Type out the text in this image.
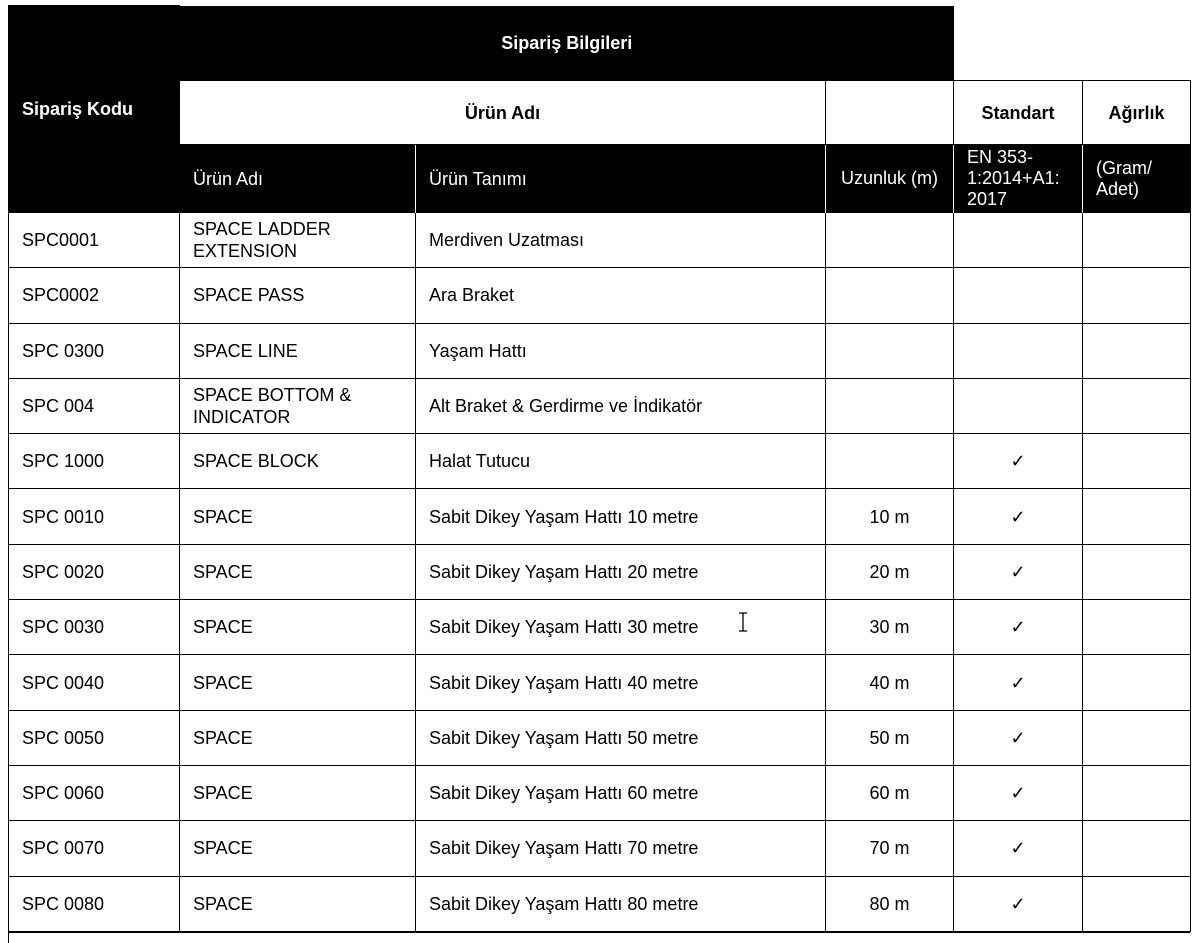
Sipariş Kodu	Sipariş Bilgileri				
	Ürün Adı			Standart	Ağırlık
	Ürün Adı	Ürün Tanımı	Uzunluk (m)	EN 353-1:2014+A1: 2017	(Gram/ Adet)
SPC0001	SPACE LADDER EXTENSION	Merdiven Uzatması			
SPC0002	SPACE PASS	Ara Braket			
SPC 0300	SPACE LINE	Yaşam Hattı			
SPC 004	SPACE BOTTOM & INDICATOR	Alt Braket & Gerdirme ve İndikatör			
SPC 1000	SPACE BLOCK	Halat Tutucu		✓	
SPC 0010	SPACE	Sabit Dikey Yaşam Hattı 10 metre	10 m	✓	
SPC 0020	SPACE	Sabit Dikey Yaşam Hattı 20 metre	20 m	✓	
SPC 0030	SPACE	Sabit Dikey Yaşam Hattı 30 metre	30 m	✓	
SPC 0040	SPACE	Sabit Dikey Yaşam Hattı 40 metre	40 m	✓	
SPC 0050	SPACE	Sabit Dikey Yaşam Hattı 50 metre	50 m	✓	
SPC 0060	SPACE	Sabit Dikey Yaşam Hattı 60 metre	60 m	✓	
SPC 0070	SPACE	Sabit Dikey Yaşam Hattı 70 metre	70 m	✓	
SPC 0080	SPACE	Sabit Dikey Yaşam Hattı 80 metre	80 m	✓	
